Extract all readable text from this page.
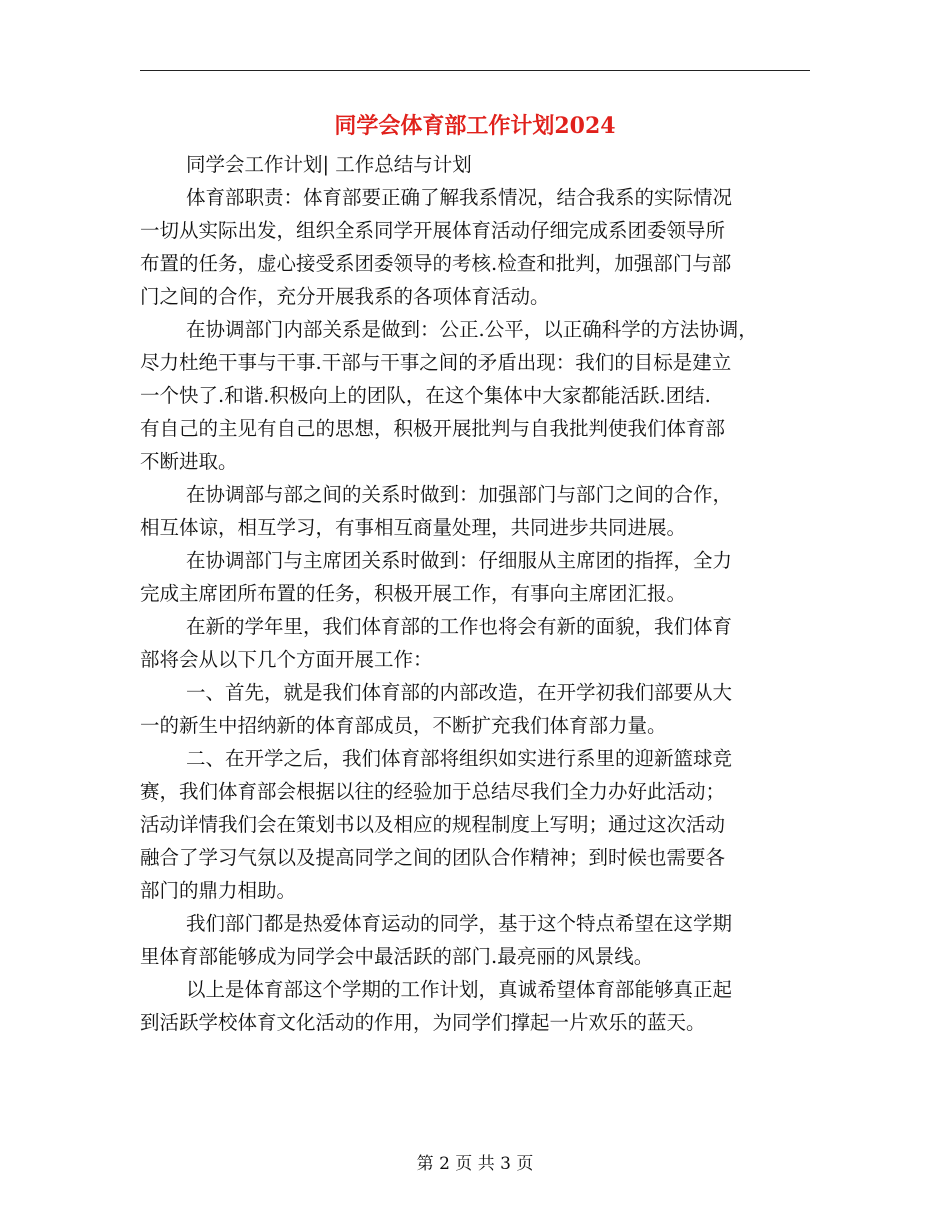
同学会体育部工作计划2024
同学会工作计划| 工作总结与计划
体育部职责：体育部要正确了解我系情况，结合我系的实际情况
一切从实际出发，组织全系同学开展体育活动仔细完成系团委领导所
布置的任务，虚心接受系团委领导的考核.检查和批判，加强部门与部
门之间的合作，充分开展我系的各项体育活动。
在协调部门内部关系是做到：公正.公平，以正确科学的方法协调，
尽力杜绝干事与干事.干部与干事之间的矛盾出现：我们的目标是建立
一个快了.和谐.积极向上的团队，在这个集体中大家都能活跃.团结.
有自己的主见有自己的思想，积极开展批判与自我批判使我们体育部
不断进取。
在协调部与部之间的关系时做到：加强部门与部门之间的合作，
相互体谅，相互学习，有事相互商量处理，共同进步共同进展。
在协调部门与主席团关系时做到：仔细服从主席团的指挥，全力
完成主席团所布置的任务，积极开展工作，有事向主席团汇报。
在新的学年里，我们体育部的工作也将会有新的面貌，我们体育
部将会从以下几个方面开展工作：
一、首先，就是我们体育部的内部改造，在开学初我们部要从大
一的新生中招纳新的体育部成员，不断扩充我们体育部力量。
二、在开学之后，我们体育部将组织如实进行系里的迎新篮球竞
赛，我们体育部会根据以往的经验加于总结尽我们全力办好此活动；
活动详情我们会在策划书以及相应的规程制度上写明；通过这次活动
融合了学习气氛以及提高同学之间的团队合作精神；到时候也需要各
部门的鼎力相助。
我们部门都是热爱体育运动的同学，基于这个特点希望在这学期
里体育部能够成为同学会中最活跃的部门.最亮丽的风景线。
以上是体育部这个学期的工作计划，真诚希望体育部能够真正起
到活跃学校体育文化活动的作用，为同学们撑起一片欢乐的蓝天。
第 2 页 共 3 页
